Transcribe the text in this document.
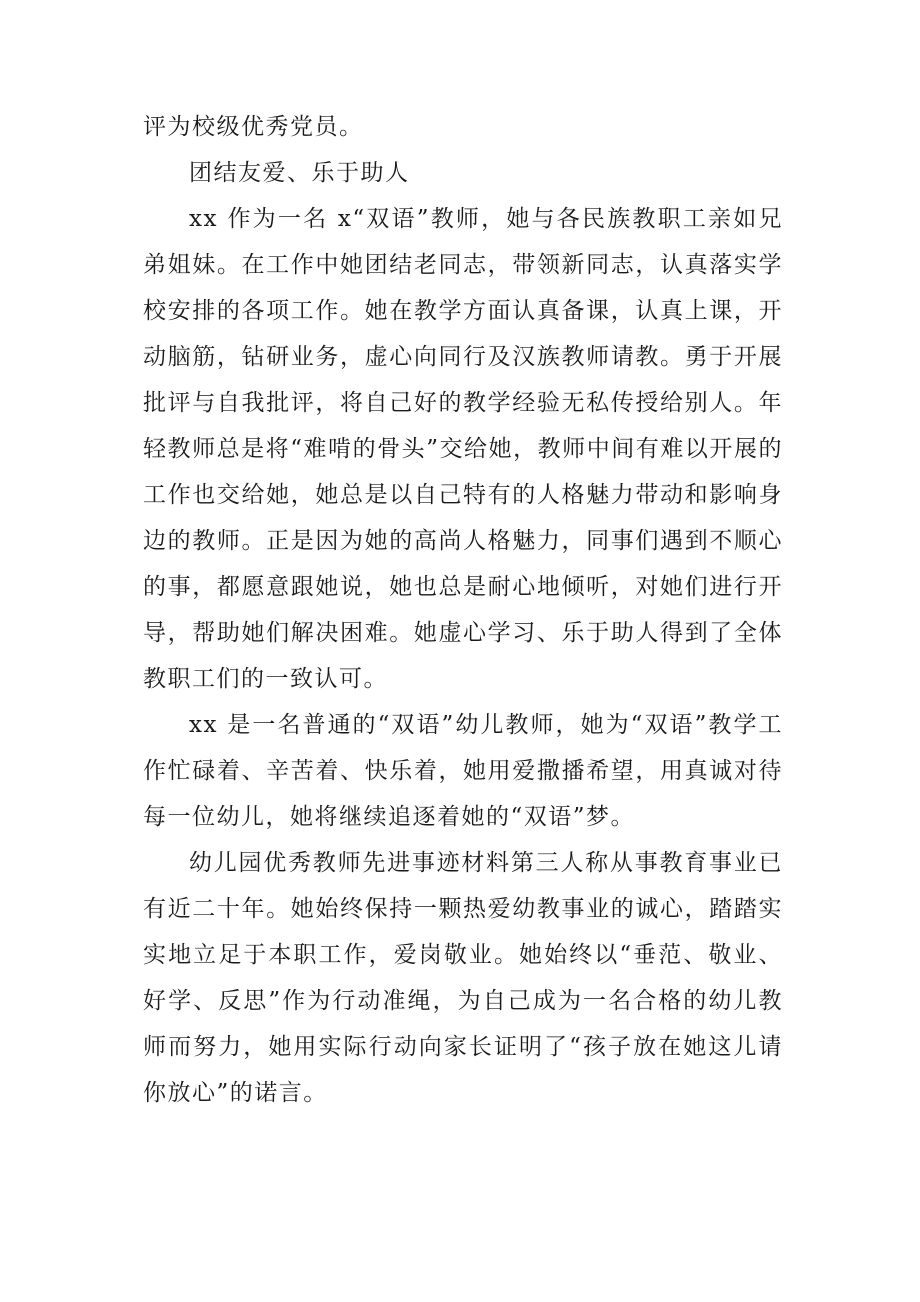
评为校级优秀党员。

团结友爱、乐于助人

xx 作为一名 x“双语”教师，她与各民族教职工亲如兄弟姐妹。在工作中她团结老同志，带领新同志，认真落实学校安排的各项工作。她在教学方面认真备课，认真上课，开动脑筋，钻研业务，虚心向同行及汉族教师请教。勇于开展批评与自我批评，将自己好的教学经验无私传授给别人。年轻教师总是将“难啃的骨头”交给她，教师中间有难以开展的工作也交给她，她总是以自己特有的人格魅力带动和影响身边的教师。正是因为她的高尚人格魅力，同事们遇到不顺心的事，都愿意跟她说，她也总是耐心地倾听，对她们进行开导，帮助她们解决困难。她虚心学习、乐于助人得到了全体教职工们的一致认可。

xx 是一名普通的“双语”幼儿教师，她为“双语”教学工作忙碌着、辛苦着、快乐着，她用爱撒播希望，用真诚对待每一位幼儿，她将继续追逐着她的“双语”梦。

幼儿园优秀教师先进事迹材料第三人称从事教育事业已有近二十年。她始终保持一颗热爱幼教事业的诚心，踏踏实实地立足于本职工作，爱岗敬业。她始终以“垂范、敬业、好学、反思”作为行动准绳，为自己成为一名合格的幼儿教师而努力，她用实际行动向家长证明了“孩子放在她这儿请你放心”的诺言。
